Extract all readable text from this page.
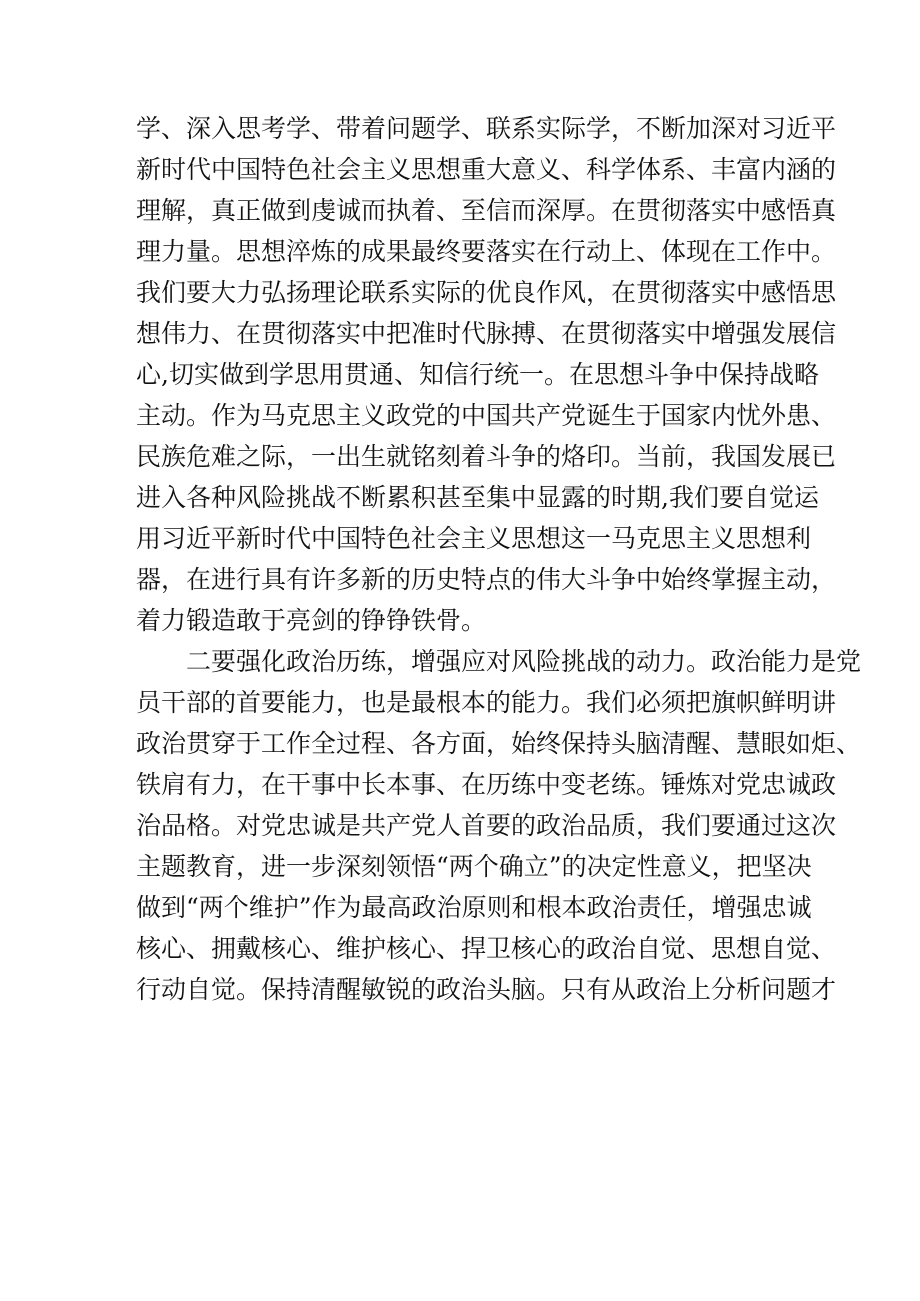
学、深入思考学、带着问题学、联系实际学，不断加深对习近平
新时代中国特色社会主义思想重大意义、科学体系、丰富内涵的
理解，真正做到虔诚而执着、至信而深厚。在贯彻落实中感悟真
理力量。思想淬炼的成果最终要落实在行动上、体现在工作中。
我们要大力弘扬理论联系实际的优良作风，在贯彻落实中感悟思
想伟力、在贯彻落实中把准时代脉搏、在贯彻落实中增强发展信
心,切实做到学思用贯通、知信行统一。在思想斗争中保持战略
主动。作为马克思主义政党的中国共产党诞生于国家内忧外患、
民族危难之际，一出生就铭刻着斗争的烙印。当前，我国发展已
进入各种风险挑战不断累积甚至集中显露的时期,我们要自觉运
用习近平新时代中国特色社会主义思想这一马克思主义思想利
器，在进行具有许多新的历史特点的伟大斗争中始终掌握主动，
着力锻造敢于亮剑的铮铮铁骨。
　　二要强化政治历练，增强应对风险挑战的动力。政治能力是党
员干部的首要能力，也是最根本的能力。我们必须把旗帜鲜明讲
政治贯穿于工作全过程、各方面，始终保持头脑清醒、慧眼如炬、
铁肩有力，在干事中长本事、在历练中变老练。锤炼对党忠诚政
治品格。对党忠诚是共产党人首要的政治品质，我们要通过这次
主题教育，进一步深刻领悟“两个确立”的决定性意义，把坚决
做到“两个维护”作为最高政治原则和根本政治责任，增强忠诚
核心、拥戴核心、维护核心、捍卫核心的政治自觉、思想自觉、
行动自觉。保持清醒敏锐的政治头脑。只有从政治上分析问题才
